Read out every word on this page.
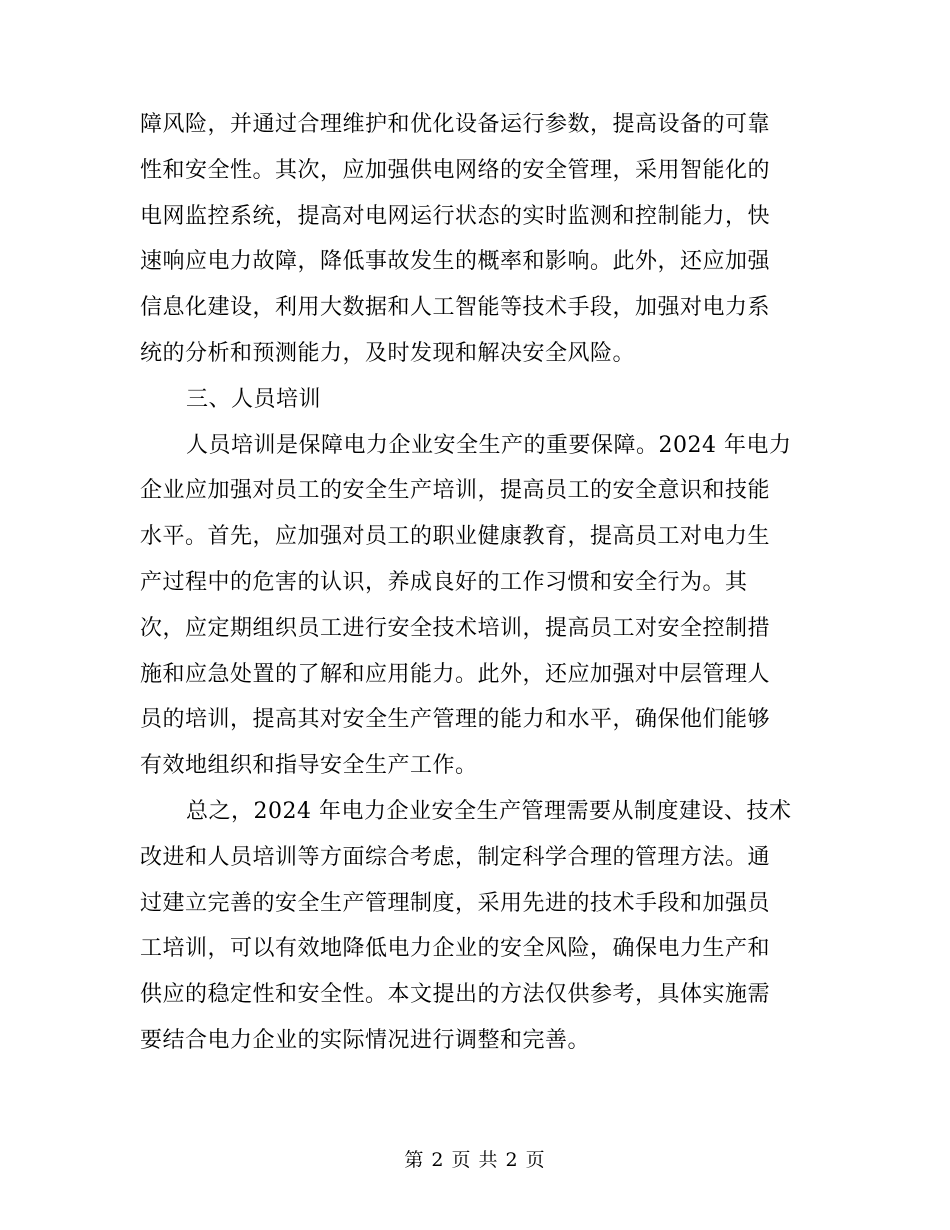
障风险，并通过合理维护和优化设备运行参数，提高设备的可靠
性和安全性。其次，应加强供电网络的安全管理，采用智能化的
电网监控系统，提高对电网运行状态的实时监测和控制能力，快
速响应电力故障，降低事故发生的概率和影响。此外，还应加强
信息化建设，利用大数据和人工智能等技术手段，加强对电力系
统的分析和预测能力，及时发现和解决安全风险。
三、人员培训
人员培训是保障电力企业安全生产的重要保障。2024 年电力
企业应加强对员工的安全生产培训，提高员工的安全意识和技能
水平。首先，应加强对员工的职业健康教育，提高员工对电力生
产过程中的危害的认识，养成良好的工作习惯和安全行为。其
次，应定期组织员工进行安全技术培训，提高员工对安全控制措
施和应急处置的了解和应用能力。此外，还应加强对中层管理人
员的培训，提高其对安全生产管理的能力和水平，确保他们能够
有效地组织和指导安全生产工作。
总之，2024 年电力企业安全生产管理需要从制度建设、技术
改进和人员培训等方面综合考虑，制定科学合理的管理方法。通
过建立完善的安全生产管理制度，采用先进的技术手段和加强员
工培训，可以有效地降低电力企业的安全风险，确保电力生产和
供应的稳定性和安全性。本文提出的方法仅供参考，具体实施需
要结合电力企业的实际情况进行调整和完善。
第 2 页 共 2 页
